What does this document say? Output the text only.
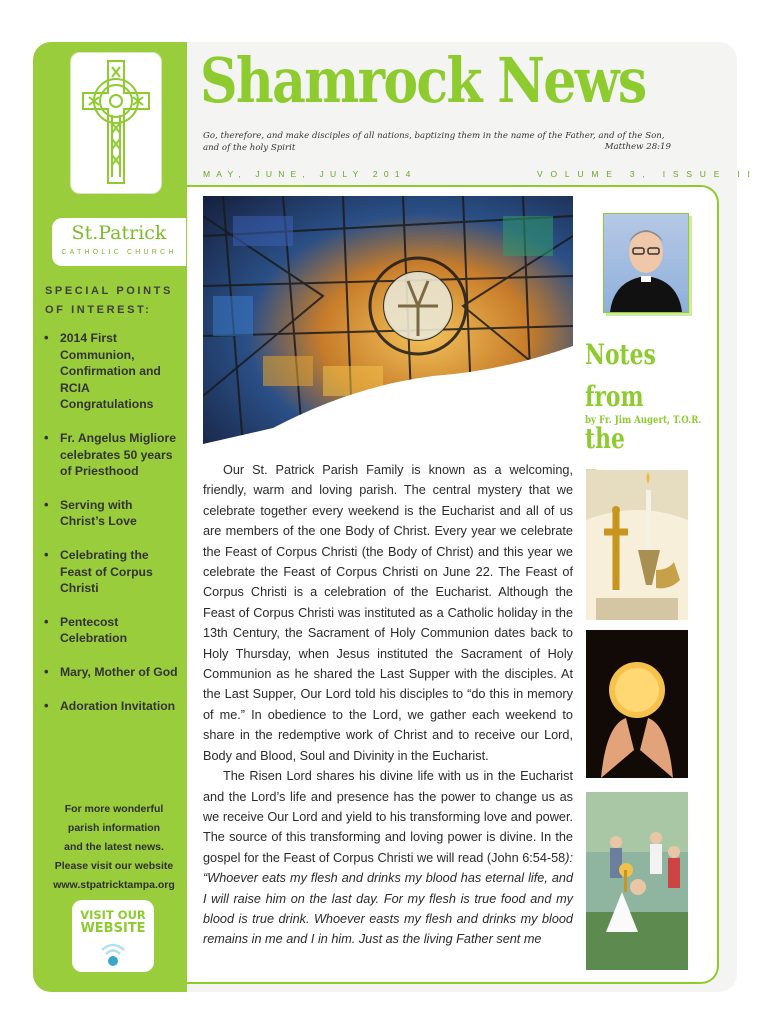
St.Patrick
CATHOLIC CHURCH
SPECIAL POINTS OF INTEREST:
• 2014 First Communion, Confirmation and RCIA Congratulations
• Fr. Angelus Migliore celebrates 50 years of Priesthood
• Serving with Christ’s Love
• Celebrating the Feast of Corpus Christi
• Pentecost Celebration
• Mary, Mother of God
• Adoration Invitation
For more wonderful
parish information
and the latest news.
Please visit our website
www.stpatricktampa.org
VISIT OUR
WEBSITE
Shamrock News
Go, therefore, and make disciples of all nations, baptizing them in the name of the Father, and of the Son, and of the holy Spirit	Matthew 28:19
MAY, JUNE, JULY 2014	VOLUME 3, ISSUE II
Notes from
the
by Fr. Jim Augert, T.O.R.

Our St. Patrick Parish Family is known as a welcoming, friendly, warm and loving parish. The central mystery that we celebrate together every weekend is the Eucharist and all of us are members of the one Body of Christ. Every year we celebrate the Feast of Corpus Christi (the Body of Christ) and this year we celebrate the Feast of Corpus Christi on June 22. The Feast of Corpus Christi is a celebration of the Eucharist. Although the Feast of Corpus Christi was instituted as a Catholic holiday in the 13th Century, the Sacrament of Holy Communion dates back to Holy Thursday, when Jesus instituted the Sacrament of Holy Communion as he shared the Last Supper with the disciples. At the Last Supper, Our Lord told his disciples to “do this in memory of me.” In obedience to the Lord, we gather each weekend to share in the redemptive work of Christ and to receive our Lord, Body and Blood, Soul and Divinity in the Eucharist.

The Risen Lord shares his divine life with us in the Eucharist and the Lord’s life and presence has the power to change us as we receive Our Lord and yield to his transforming love and power. The source of this transforming and loving power is divine. In the gospel for the Feast of Corpus Christi we will read (John 6:54-58): “Whoever eats my flesh and drinks my blood has eternal life, and I will raise him on the last day. For my flesh is true food and my blood is true drink. Whoever easts my flesh and drinks my blood remains in me and I in him. Just as the living Father sent me
